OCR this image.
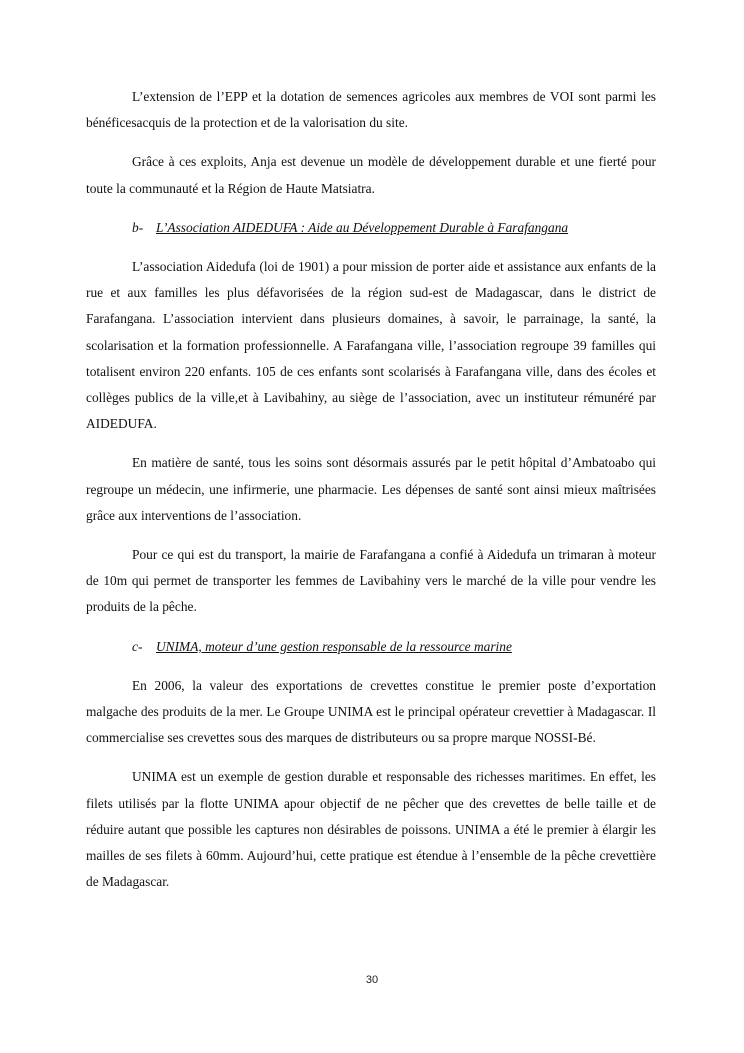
L’extension de l’EPP et la dotation de semences agricoles aux membres de VOI sont parmi les bénéficesacquis de la protection et de la valorisation du site.

Grâce à ces exploits, Anja est devenue un modèle de développement durable et une fierté pour toute la communauté et la Région de Haute Matsiatra.

b- L’Association AIDEDUFA : Aide au Développement Durable à Farafangana

L’association Aidedufa (loi de 1901) a pour mission de porter aide et assistance aux enfants de la rue et aux familles les plus défavorisées de la région sud-est de Madagascar, dans le district de Farafangana. L’association intervient dans plusieurs domaines, à savoir, le parrainage, la santé, la scolarisation et la formation professionnelle. A Farafangana ville, l’association regroupe 39 familles qui totalisent environ 220 enfants. 105 de ces enfants sont scolarisés à Farafangana ville, dans des écoles et collèges publics de la ville,et à Lavibahiny, au siège de l’association, avec un instituteur rémunéré par AIDEDUFA.

En matière de santé, tous les soins sont désormais assurés par le petit hôpital d’Ambatoabo qui regroupe un médecin, une infirmerie, une pharmacie. Les dépenses de santé sont ainsi mieux maîtrisées grâce aux interventions de l’association.

Pour ce qui est du transport, la mairie de Farafangana a confié à Aidedufa un trimaran à moteur de 10m qui permet de transporter les femmes de Lavibahiny vers le marché de la ville pour vendre les produits de la pêche.

c- UNIMA, moteur d’une gestion responsable de la ressource marine

En 2006, la valeur des exportations de crevettes constitue le premier poste d’exportation malgache des produits de la mer. Le Groupe UNIMA est le principal opérateur crevettier à Madagascar. Il commercialise ses crevettes sous des marques de distributeurs ou sa propre marque NOSSI-Bé.

UNIMA est un exemple de gestion durable et responsable des richesses maritimes. En effet, les filets utilisés par la flotte UNIMA apour objectif de ne pêcher que des crevettes de belle taille et de réduire autant que possible les captures non désirables de poissons. UNIMA a été le premier à élargir les mailles de ses filets à 60mm. Aujourd’hui, cette pratique est étendue à l’ensemble de la pêche crevettière de Madagascar.

30
